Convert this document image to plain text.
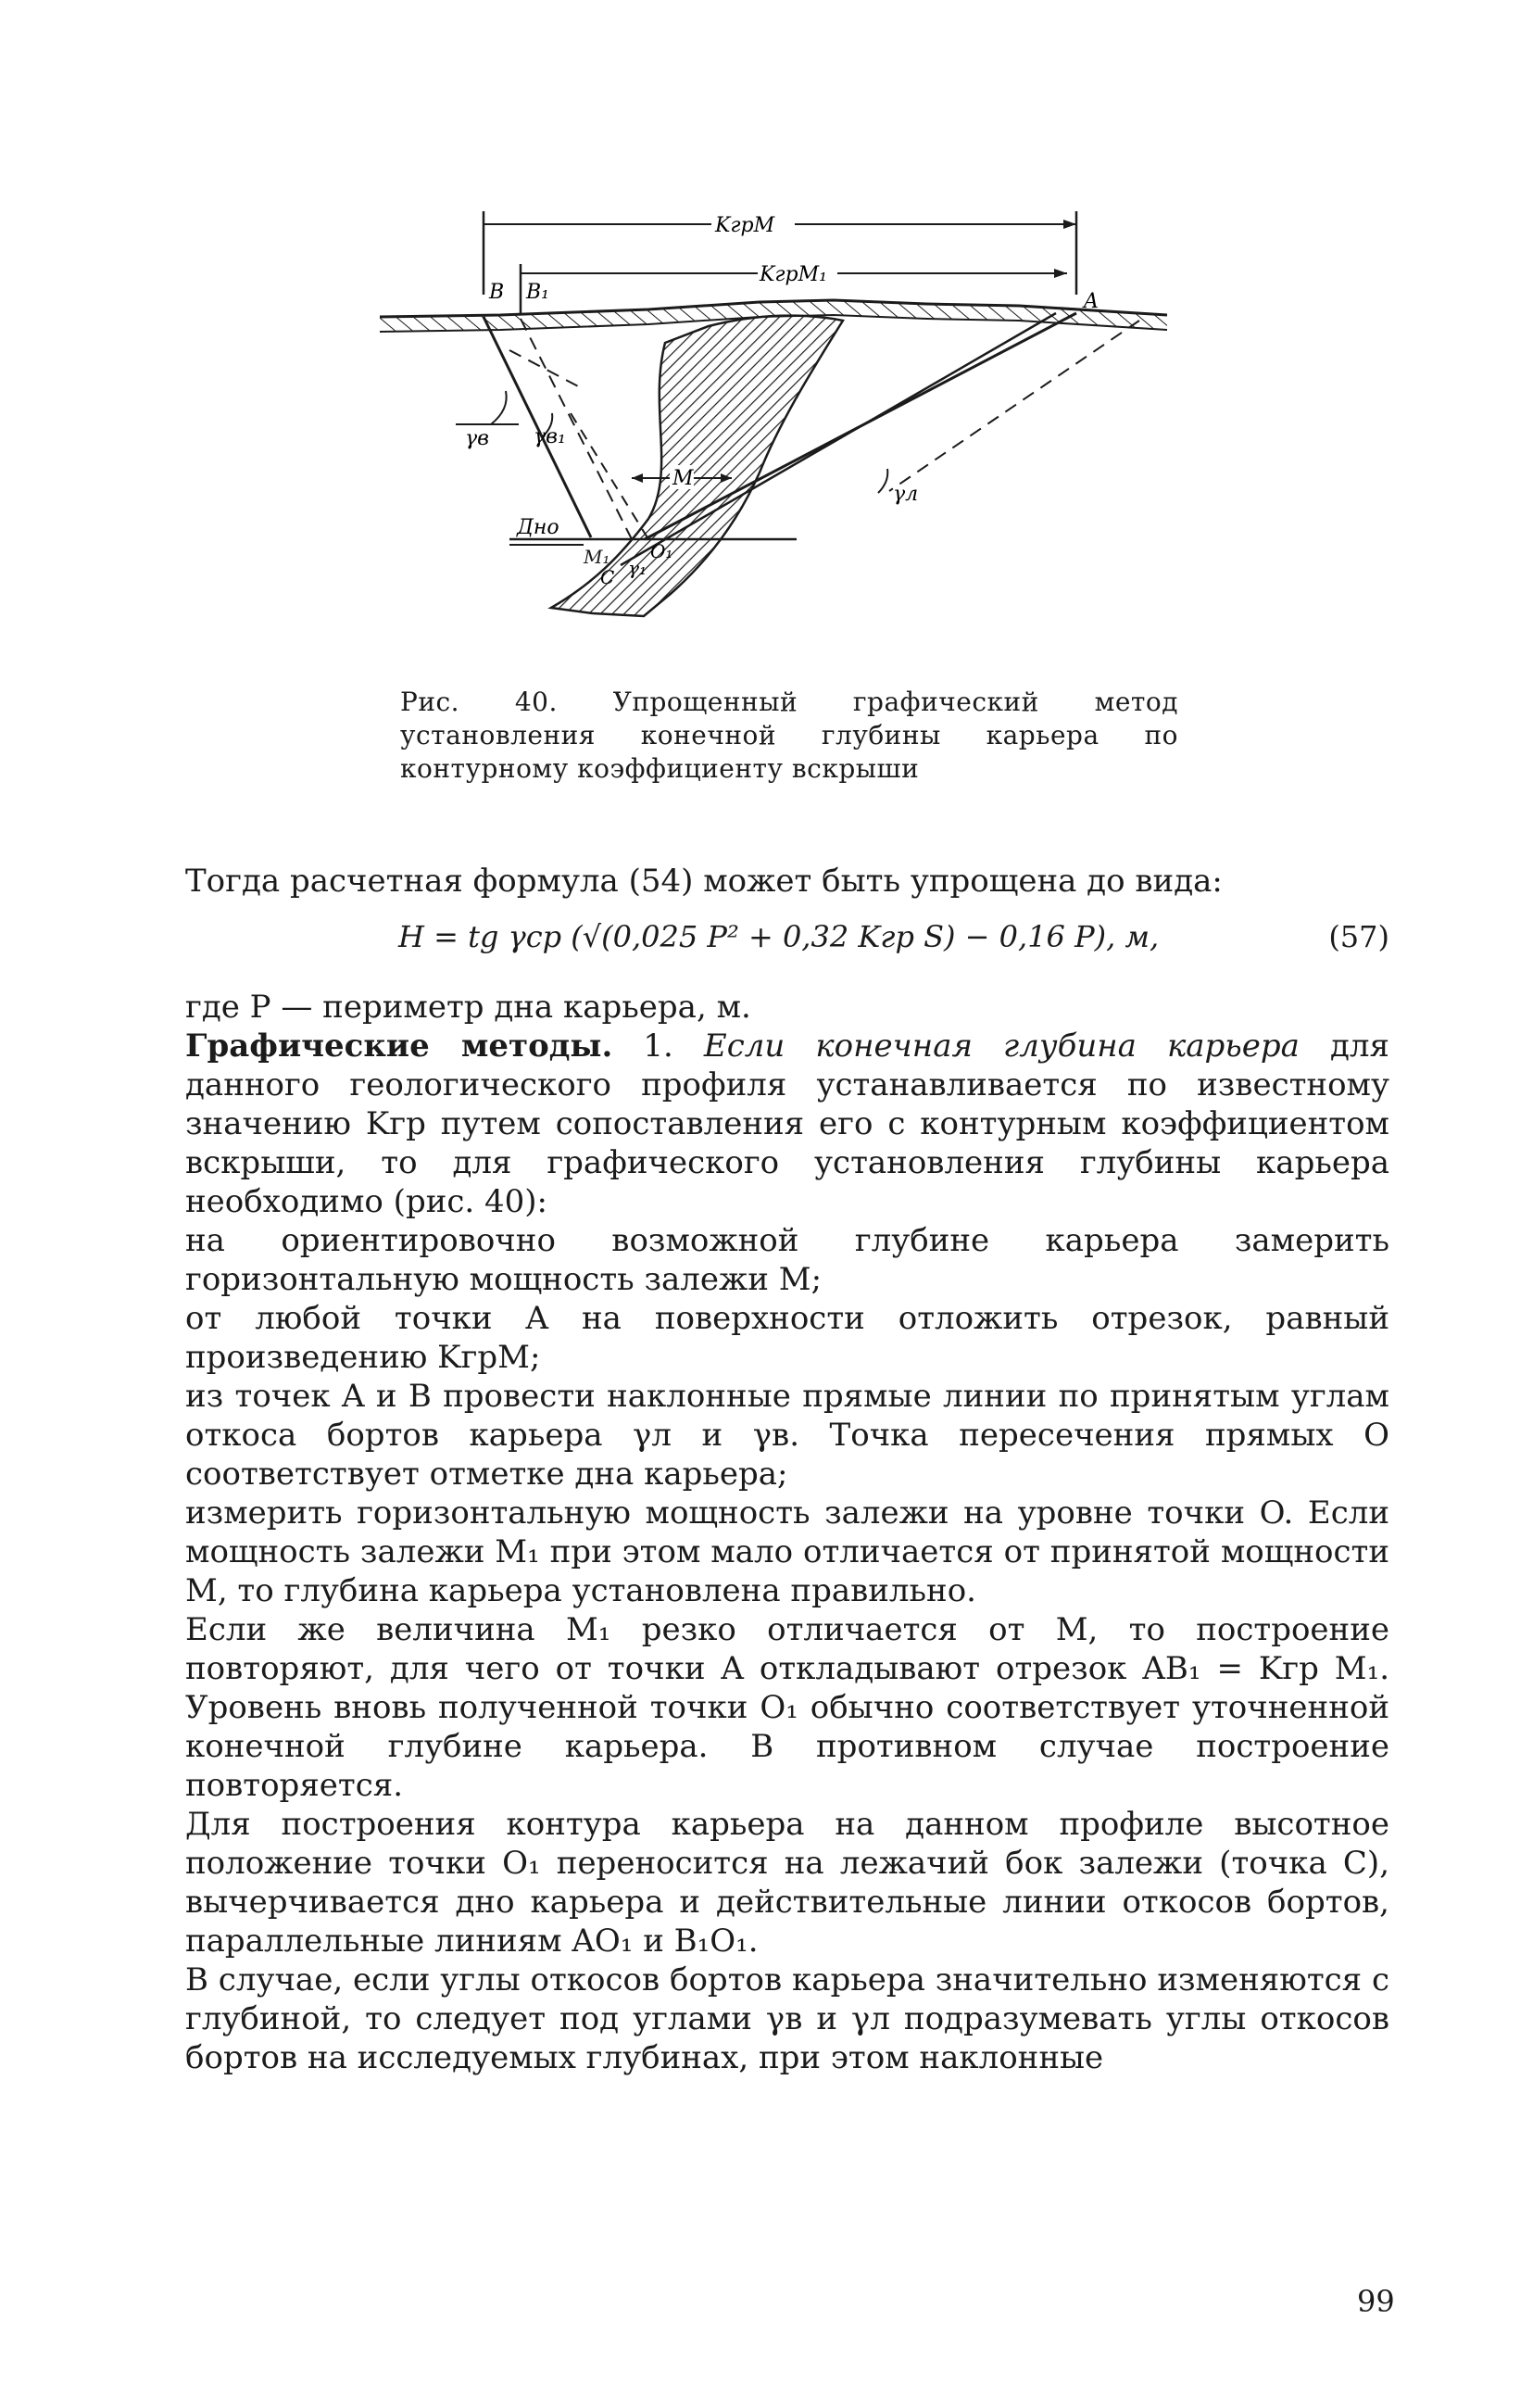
KгрM
KгрM₁
B B₁	A
Дно
γв γв₁
γл
M
M₁ O₁
γ₁
C
Рис. 40. Упрощенный графический метод установления конечной глубины карьера по контурному коэффициенту вскрыши

Тогда расчетная формула (54) может быть упрощена до вида:

H = tg γср (√(0,025 P² + 0,32 Kгр S) − 0,16 P), м,	(57)

где P — периметр дна карьера, м.

Графические методы. 1. Если конечная глубина карьера для данного геологического профиля устанавливается по известному значению Kгр путем сопоставления его с контурным коэффициентом вскрыши, то для графического установления глубины карьера необходимо (рис. 40):

на ориентировочно возможной глубине карьера замерить горизонтальную мощность залежи M;

от любой точки A на поверхности отложить отрезок, равный произведению KгрM;

из точек A и B провести наклонные прямые линии по принятым углам откоса бортов карьера γл и γв. Точка пересечения прямых O соответствует отметке дна карьера;

измерить горизонтальную мощность залежи на уровне точки O. Если мощность залежи M₁ при этом мало отличается от принятой мощности M, то глубина карьера установлена правильно.

Если же величина M₁ резко отличается от M, то построение повторяют, для чего от точки A откладывают отрезок AB₁ = Kгр M₁. Уровень вновь полученной точки O₁ обычно соответствует уточненной конечной глубине карьера. В противном случае построение повторяется.

Для построения контура карьера на данном профиле высотное положение точки O₁ переносится на лежачий бок залежи (точка C), вычерчивается дно карьера и действительные линии откосов бортов, параллельные линиям AO₁ и B₁O₁.

В случае, если углы откосов бортов карьера значительно изменяются с глубиной, то следует под углами γв и γл подразумевать углы откосов бортов на исследуемых глубинах, при этом наклонные

99
